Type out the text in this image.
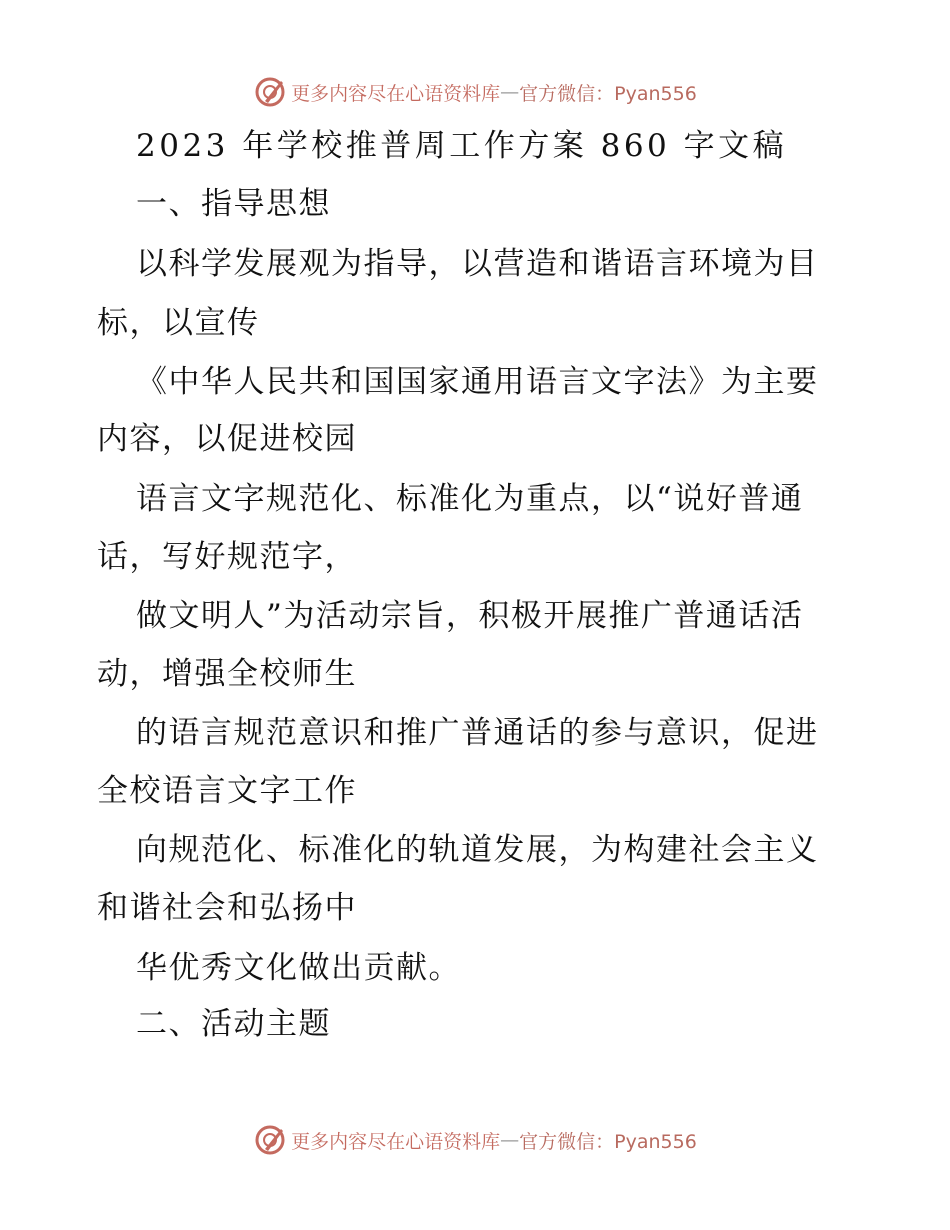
更多内容尽在心语资料库 — 官方微信：Pyan556
2023 年学校推普周工作方案 860 字文稿
一、指导思想
以科学发展观为指导，以营造和谐语言环境为目
标，以宣传
《中华人民共和国国家通用语言文字法》为主要
内容，以促进校园
语言文字规范化、标准化为重点，以“说好普通
话，写好规范字，
做文明人”为活动宗旨，积极开展推广普通话活
动，增强全校师生
的语言规范意识和推广普通话的参与意识，促进
全校语言文字工作
向规范化、标准化的轨道发展，为构建社会主义
和谐社会和弘扬中
华优秀文化做出贡献。
二、活动主题
更多内容尽在心语资料库 — 官方微信：Pyan556
